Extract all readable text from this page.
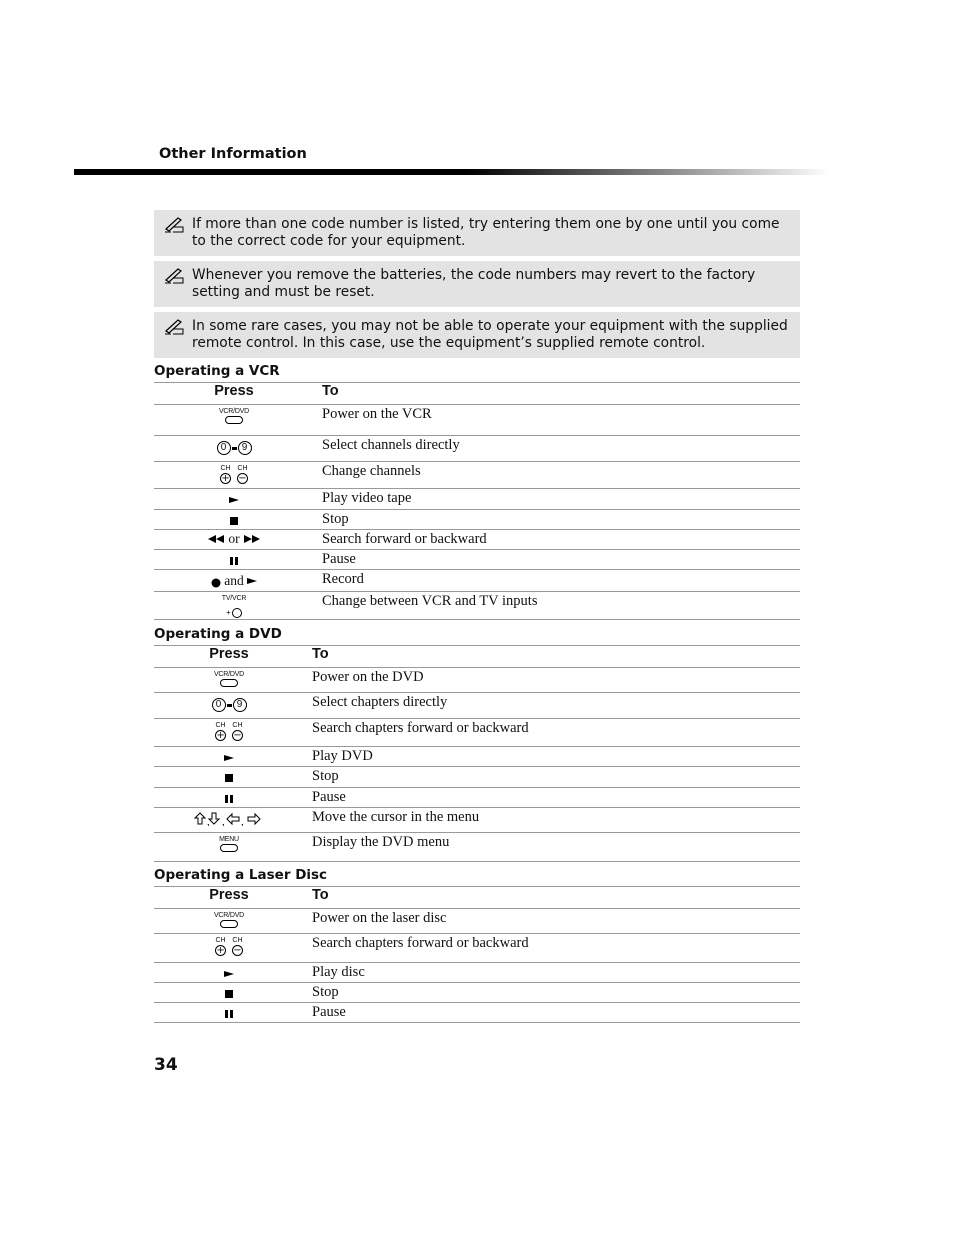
Other Information
If more than one code number is listed, try entering them one by one until you come to the correct code for your equipment.
Whenever you remove the batteries, the code numbers may revert to the factory setting and must be reset.
In some rare cases, you may not be able to operate your equipment with the supplied remote control. In this case, use the equipment’s supplied remote control.
Operating a VCR
Press	To

VCR/DVD	Power on the VCR
0 9	Select channels directly
CH
+
CH
−	Change channels
	Play video tape
	Stop
or	Search forward or backward
	Pause
and	Record

TV/VCR
+	Change between VCR and TV inputs
Operating a DVD
Press	To

VCR/DVD	Power on the DVD
0 9	Select chapters directly
CH
+
CH
−	Search chapters forward or backward
	Play DVD
	Stop
	Pause

, , ,	Move the cursor in the menu

MENU	Display the DVD menu
Operating a Laser Disc
Press	To

VCR/DVD	Power on the laser disc
CH
+
CH
−	Search chapters forward or backward
	Play disc
	Stop
	Pause
34
